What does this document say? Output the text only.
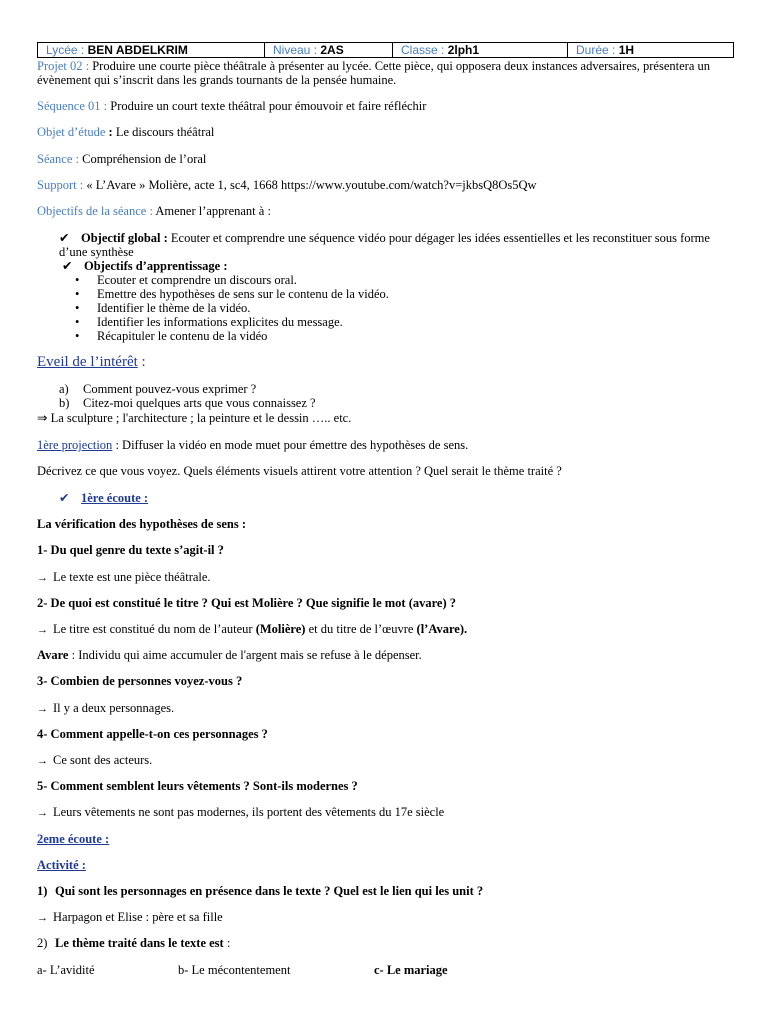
Lycée : BEN ABDELKRIM	Niveau : 2AS	Classe : 2lph1	Durée : 1H
Projet 02 : Produire une courte pièce théâtrale à présenter au lycée. Cette pièce, qui opposera deux instances adversaires, présentera un évènement qui s’inscrit dans les grands tournants de la pensée humaine.
Séquence 01 : Produire un court texte théâtral pour émouvoir et faire réfléchir
Objet d’étude : Le discours théâtral
Séance : Compréhension de l’oral
Support : « L’Avare » Molière, acte 1, sc4, 1668 https://www.youtube.com/watch?v=jkbsQ8Os5Qw
Objectifs de la séance : Amener l’apprenant à :
✔ Objectif global : Ecouter et comprendre une séquence vidéo pour dégager les idées essentielles et les reconstituer sous forme d’une synthèse
✔ Objectifs d’apprentissage :
• Ecouter et comprendre un discours oral.
• Emettre des hypothèses de sens sur le contenu de la vidéo.
• Identifier le thème de la vidéo.
• Identifier les informations explicites du message.
• Récapituler le contenu de la vidéo
Eveil de l’intérêt :
a) Comment pouvez-vous exprimer ?
b) Citez-moi quelques arts que vous connaissez ?
⇒ La sculpture ; l'architecture ; la peinture et le dessin ….. etc.
1ère projection : Diffuser la vidéo en mode muet pour émettre des hypothèses de sens.
Décrivez ce que vous voyez. Quels éléments visuels attirent votre attention ? Quel serait le thème traité ?
✔ 1ère écoute :
La vérification des hypothèses de sens :
1- Du quel genre du texte s’agit-il ?
→ Le texte est une pièce théâtrale.
2- De quoi est constitué le titre ? Qui est Molière ? Que signifie le mot (avare) ?
→ Le titre est constitué du nom de l’auteur (Molière) et du titre de l’œuvre (l’Avare).
Avare : Individu qui aime accumuler de l'argent mais se refuse à le dépenser.
3- Combien de personnes voyez-vous ?
→ Il y a deux personnages.
4- Comment appelle-t-on ces personnages ?
→ Ce sont des acteurs.
5- Comment semblent leurs vêtements ? Sont-ils modernes ?
→ Leurs vêtements ne sont pas modernes, ils portent des vêtements du 17e siècle
2eme écoute :
Activité :
1) Qui sont les personnages en présence dans le texte ? Quel est le lien qui les unit ?
→ Harpagon et Elise : père et sa fille
2) Le thème traité dans le texte est :
a- L’avidité	b- Le mécontentement	c- Le mariage
